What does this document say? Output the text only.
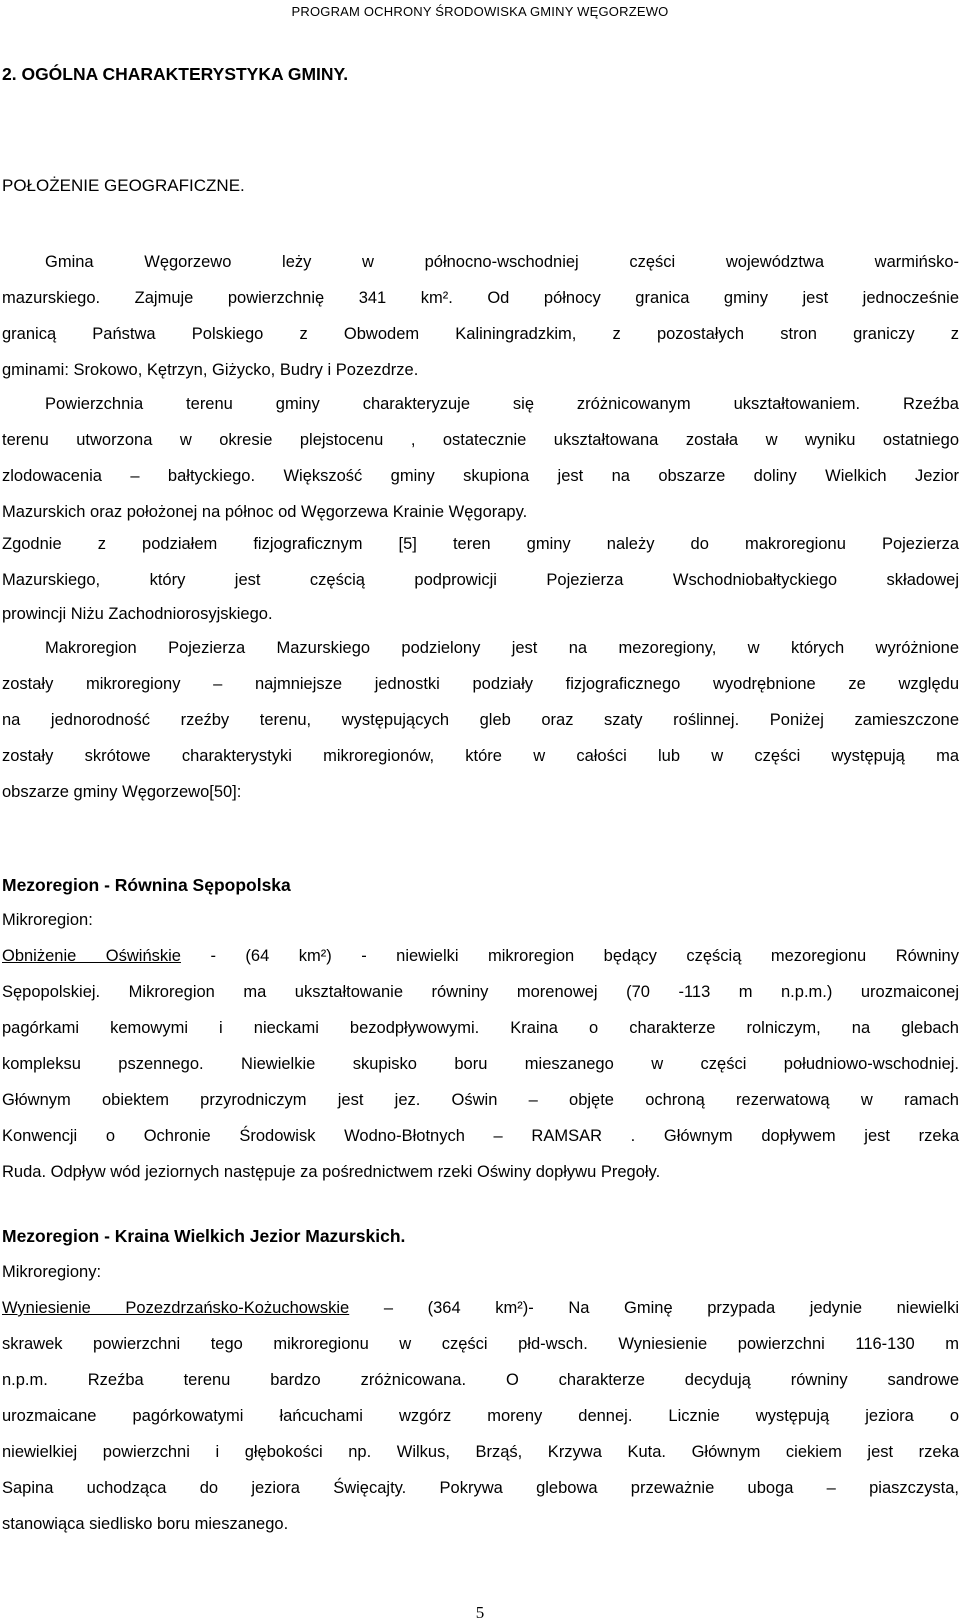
PROGRAM OCHRONY ŚRODOWISKA GMINY WĘGORZEWO
2. OGÓLNA CHARAKTERYSTYKA GMINY.
POŁOŻENIE GEOGRAFICZNE.
Gmina Węgorzewo leży w północno-wschodniej części województwa warmińsko-
mazurskiego. Zajmuje powierzchnię 341 km². Od północy granica gminy jest jednocześnie
granicą Państwa Polskiego z Obwodem Kaliningradzkim, z pozostałych stron graniczy z
gminami: Srokowo, Kętrzyn, Giżycko, Budry i Pozezdrze.
Powierzchnia terenu gminy charakteryzuje się zróżnicowanym ukształtowaniem. Rzeźba
terenu utworzona w okresie plejstocenu , ostatecznie ukształtowana została w wyniku ostatniego
zlodowacenia – bałtyckiego. Większość gminy skupiona jest na obszarze doliny Wielkich Jezior
Mazurskich oraz położonej na północ od Węgorzewa Krainie Węgorapy.
Zgodnie z podziałem fizjograficznym [5] teren gminy należy do makroregionu Pojezierza
Mazurskiego, który jest częścią podprowicji Pojezierza Wschodniobałtyckiego składowej
prowincji Niżu Zachodniorosyjskiego.
Makroregion Pojezierza Mazurskiego podzielony jest na mezoregiony, w których wyróżnione
zostały mikroregiony – najmniejsze jednostki podziały fizjograficznego wyodrębnione ze względu
na jednorodność rzeźby terenu, występujących gleb oraz szaty roślinnej. Poniżej zamieszczone
zostały skrótowe charakterystyki mikroregionów, które w całości lub w części występują ma
obszarze gminy Węgorzewo[50]:
Mezoregion - Równina Sępopolska
Mikroregion:
Obniżenie Oświńskie - (64 km²) - niewielki mikroregion będący częścią mezoregionu Równiny
Sępopolskiej. Mikroregion ma ukształtowanie równiny morenowej (70 -113 m n.p.m.) urozmaiconej
pagórkami kemowymi i nieckami bezodpływowymi. Kraina o charakterze rolniczym, na glebach
kompleksu pszennego. Niewielkie skupisko boru mieszanego w części południowo-wschodniej.
Głównym obiektem przyrodniczym jest jez. Oświn – objęte ochroną rezerwatową w ramach
Konwencji o Ochronie Środowisk Wodno-Błotnych – RAMSAR . Głównym dopływem jest rzeka
Ruda. Odpływ wód jeziornych następuje za pośrednictwem rzeki Oświny dopływu Pregoły.
Mezoregion - Kraina Wielkich Jezior Mazurskich.
Mikroregiony:
Wyniesienie Pozezdrzańsko-Kożuchowskie – (364 km²)- Na Gminę przypada jedynie niewielki
skrawek powierzchni tego mikroregionu w części płd-wsch. Wyniesienie powierzchni 116-130 m
n.p.m. Rzeźba terenu bardzo zróżnicowana. O charakterze decydują równiny sandrowe
urozmaicane pagórkowatymi łańcuchami wzgórz moreny dennej. Licznie występują jeziora o
niewielkiej powierzchni i głębokości np. Wilkus, Brząś, Krzywa Kuta. Głównym ciekiem jest rzeka
Sapina uchodząca do jeziora Święcajty. Pokrywa glebowa przeważnie uboga – piaszczysta,
stanowiąca siedlisko boru mieszanego.
5
